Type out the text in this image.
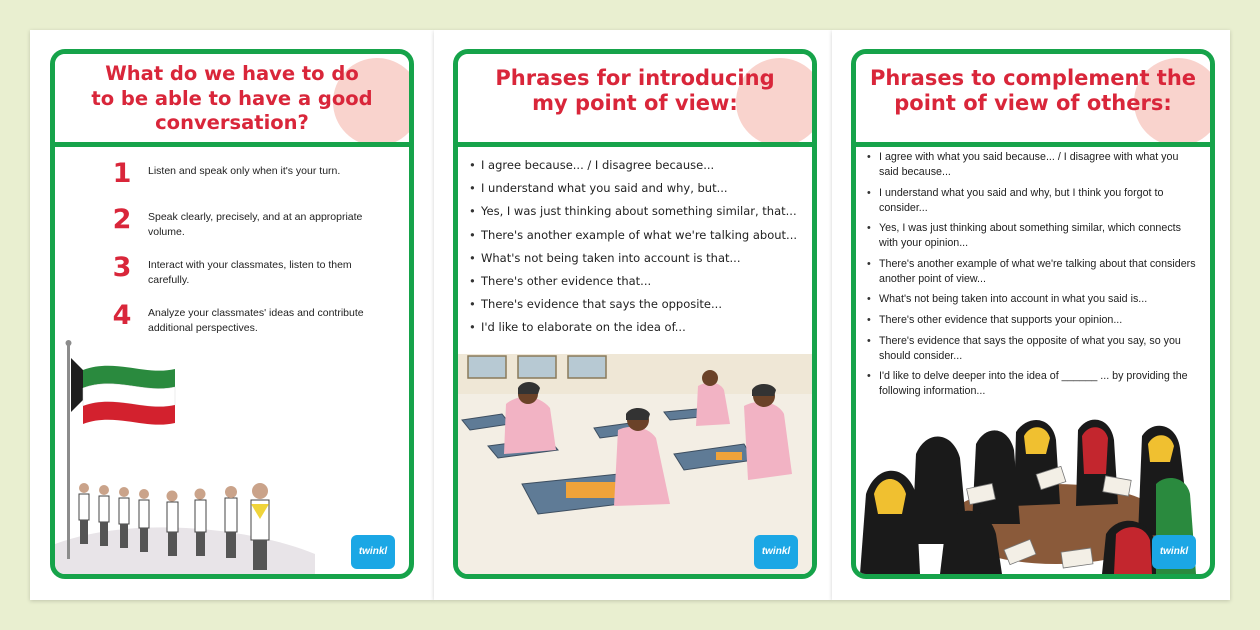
What do we have to do
to be able to have a good
conversation?
1	Listen and speak only when it's your turn.
2	Speak clearly, precisely, and at an appropriate volume.
3	Interact with your classmates, listen to them carefully.
4	Analyze your classmates' ideas and contribute additional perspectives.
twinkl
Phrases for introducing
my point of view:
• I agree because... / I disagree because...
• I understand what you said and why, but...
• Yes, I was just thinking about something similar, that...
• There's another example of what we're talking about...
• What's not being taken into account is that...
• There's other evidence that...
• There's evidence that says the opposite...
• I'd like to elaborate on the idea of...
twinkl
Phrases to complement the
point of view of others:
• I agree with what you said because... / I disagree with what you said because...
• I understand what you said and why, but I think you forgot to consider...
• Yes, I was just thinking about something similar, which connects with your opinion...
• There's another example of what we're talking about that considers another point of view...
• What's not being taken into account in what you said is...
• There's other evidence that supports your opinion...
• There's evidence that says the opposite of what you say, so you should consider...
• I'd like to delve deeper into the idea of ______ ... by providing the following information...
twinkl
